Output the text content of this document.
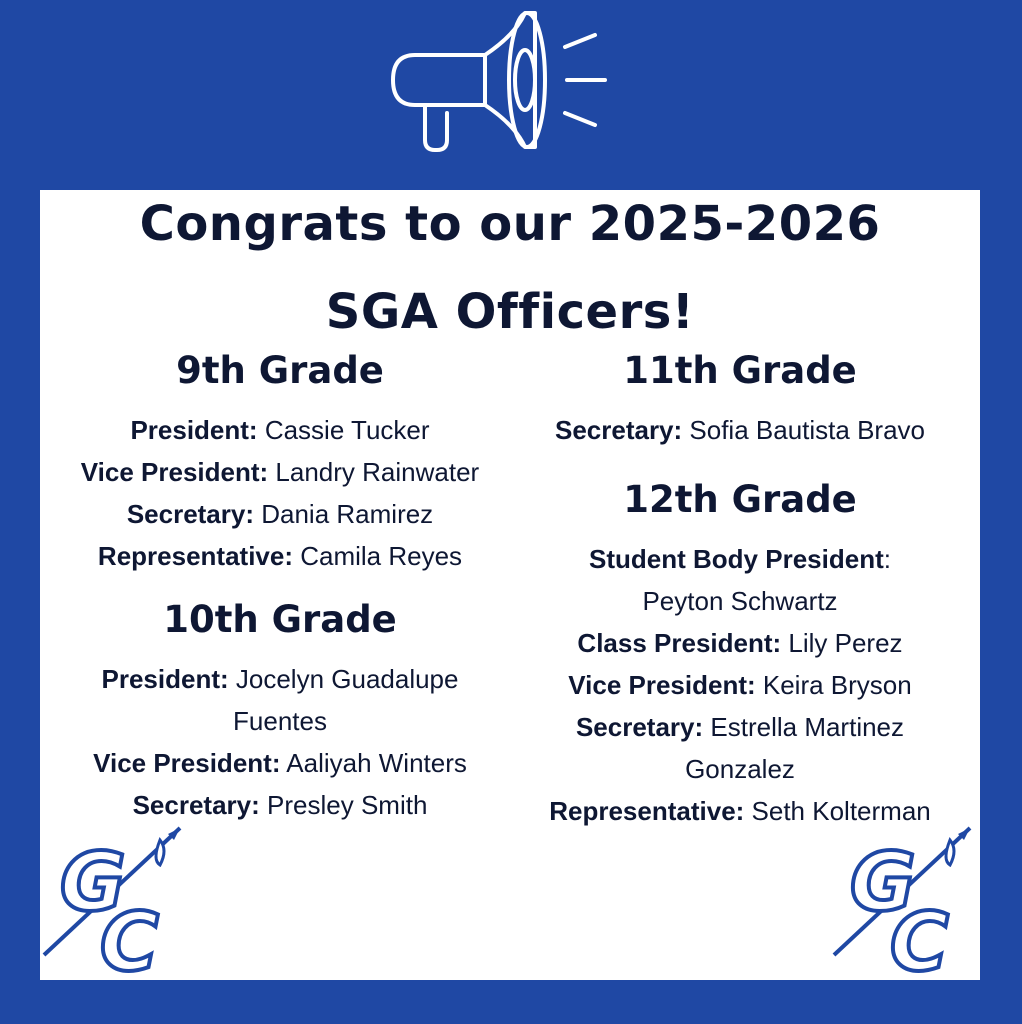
Congrats to our 2025-2026
SGA Officers!
9th Grade
President: Cassie Tucker
Vice President: Landry Rainwater
Secretary: Dania Ramirez
Representative: Camila Reyes
10th Grade
President: Jocelyn Guadalupe
Fuentes
Vice President: Aaliyah Winters
Secretary: Presley Smith
11th Grade
Secretary: Sofia Bautista Bravo
12th Grade
Student Body President:
Peyton Schwartz
Class President: Lily Perez
Vice President: Keira Bryson
Secretary: Estrella Martinez
Gonzalez
Representative: Seth Kolterman
G
C
G
C
